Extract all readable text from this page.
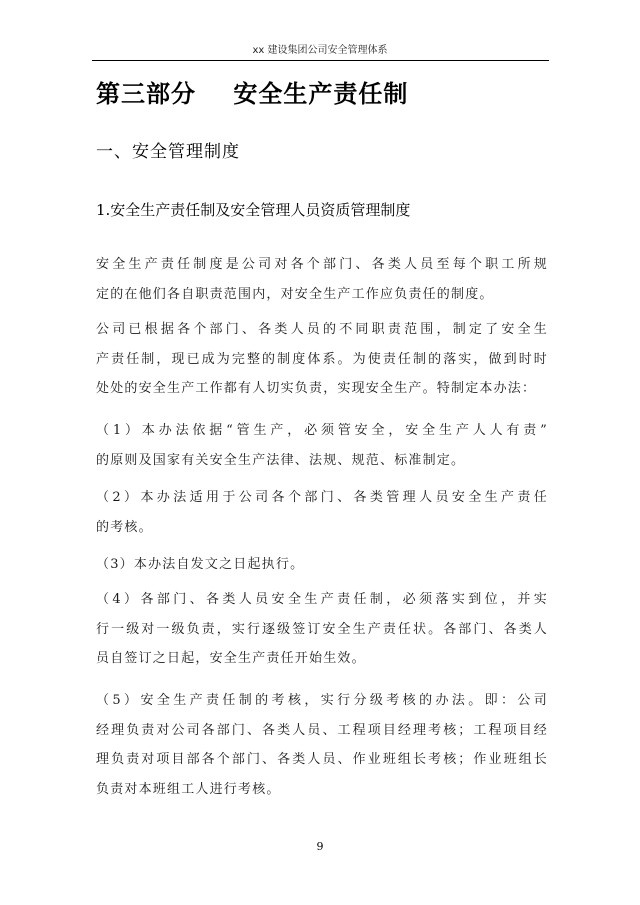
xx 建设集团公司安全管理体系
第三部分    安全生产责任制
一、安全管理制度
1.安全生产责任制及安全管理人员资质管理制度
安全生产责任制度是公司对各个部门、各类人员至每个职工所规
定的在他们各自职责范围内，对安全生产工作应负责任的制度。
公司已根据各个部门、各类人员的不同职责范围，制定了安全生
产责任制，现已成为完整的制度体系。为使责任制的落实，做到时时
处处的安全生产工作都有人切实负责，实现安全生产。特制定本办法：
（1）本办法依据“管生产，必须管安全，安全生产人人有责”
的原则及国家有关安全生产法律、法规、规范、标准制定。
（2）本办法适用于公司各个部门、各类管理人员安全生产责任
的考核。
（3）本办法自发文之日起执行。
（4）各部门、各类人员安全生产责任制，必须落实到位，并实
行一级对一级负责，实行逐级签订安全生产责任状。各部门、各类人
员自签订之日起，安全生产责任开始生效。
（5）安全生产责任制的考核，实行分级考核的办法。即：公司
经理负责对公司各部门、各类人员、工程项目经理考核；工程项目经
理负责对项目部各个部门、各类人员、作业班组长考核；作业班组长
负责对本班组工人进行考核。
9
